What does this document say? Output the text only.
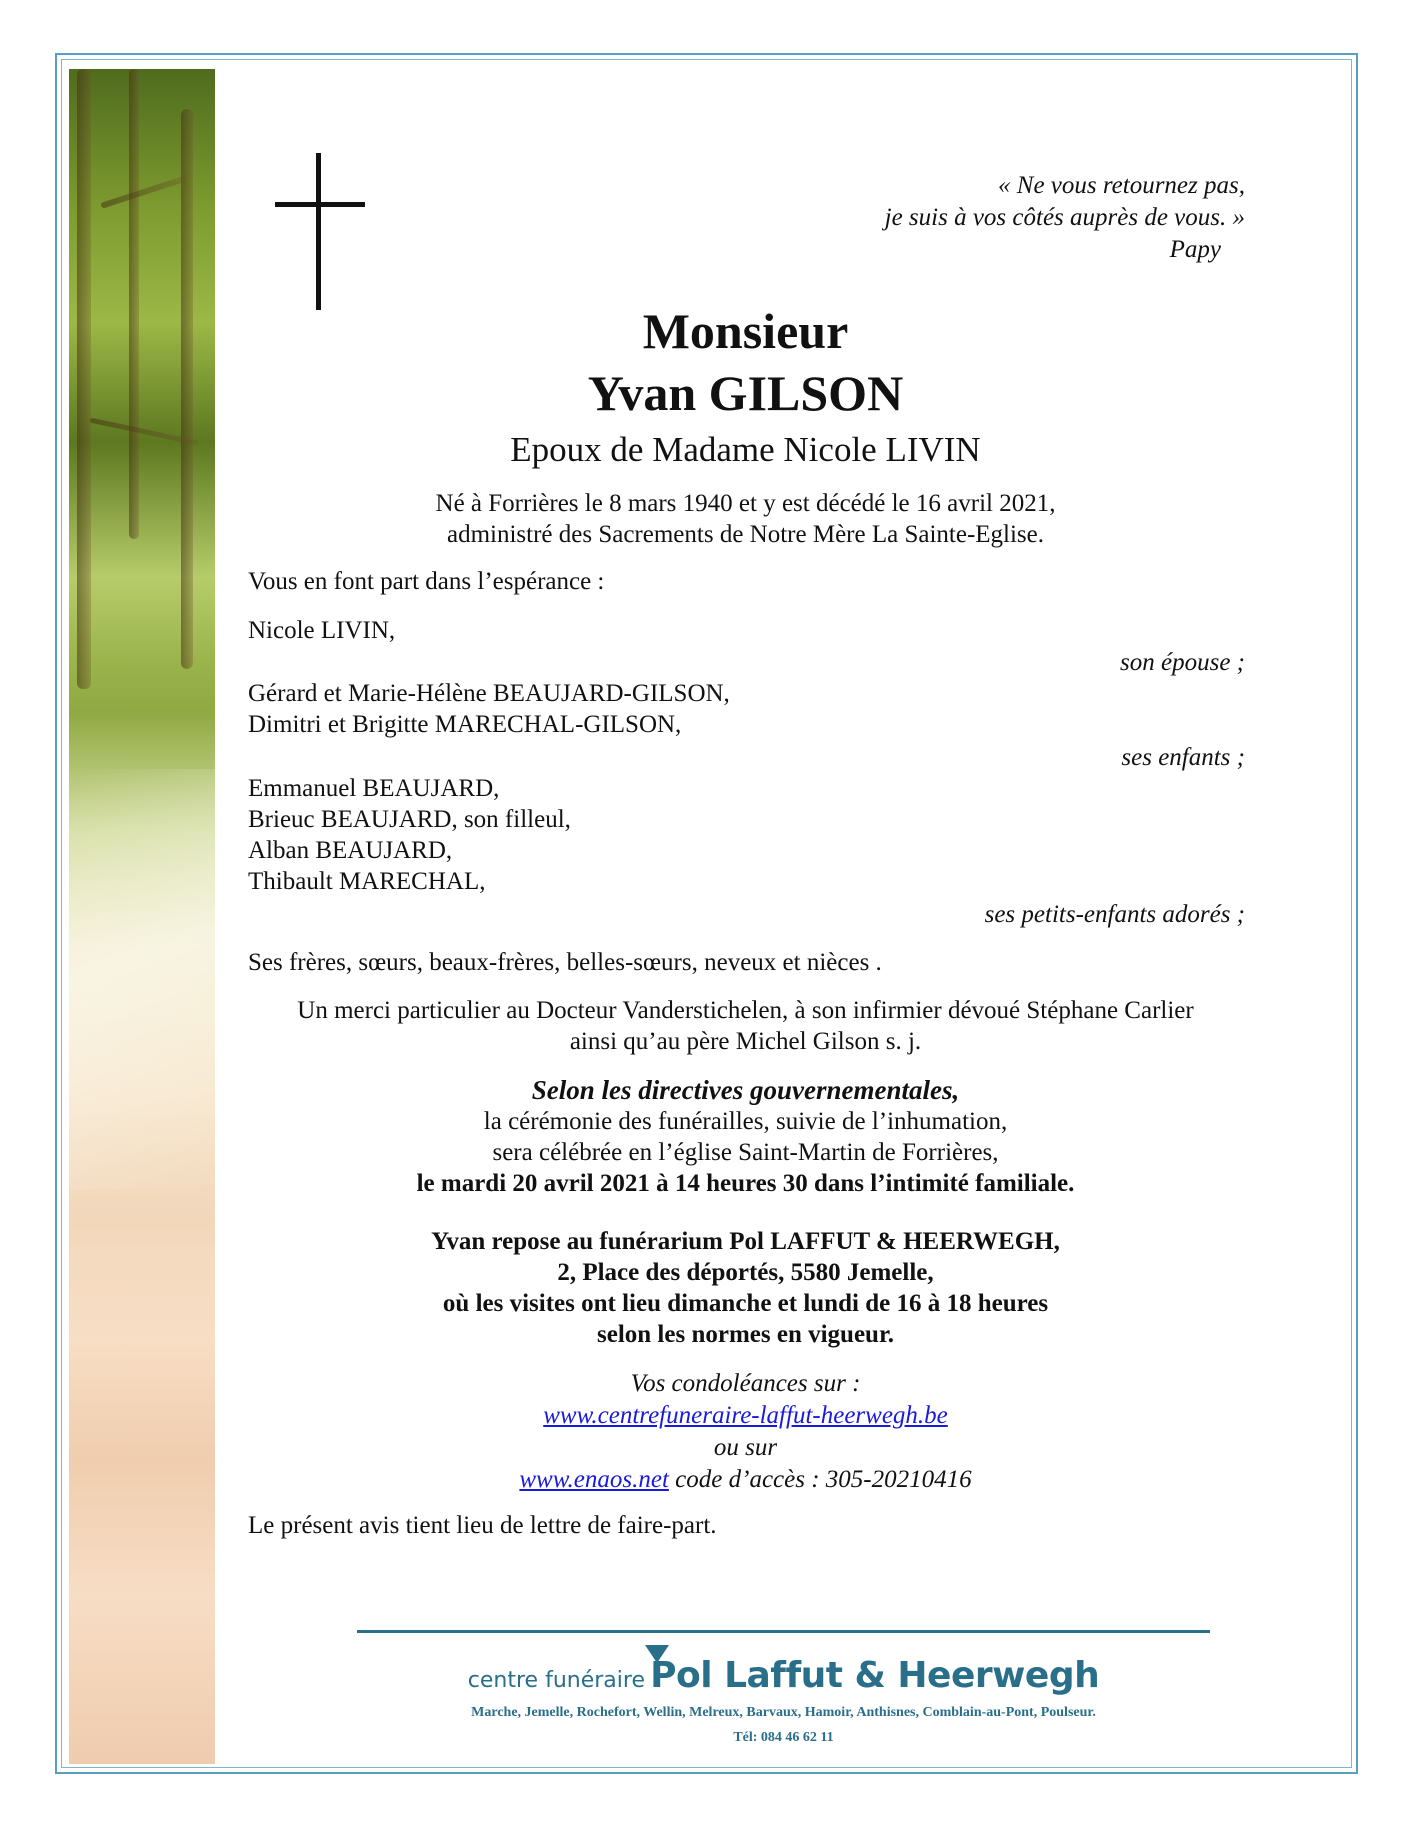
« Ne vous retournez pas,
je suis à vos côtés auprès de vous. »
Papy
Monsieur
Yvan GILSON
Epoux de Madame Nicole LIVIN
Né à Forrières le 8 mars 1940 et y est décédé le 16 avril 2021,
administré des Sacrements de Notre Mère La Sainte-Eglise.
Vous en font part dans l’espérance :
Nicole LIVIN,
son épouse ;
Gérard et Marie-Hélène BEAUJARD-GILSON,
Dimitri et Brigitte MARECHAL-GILSON,
ses enfants ;
Emmanuel BEAUJARD,
Brieuc BEAUJARD, son filleul,
Alban BEAUJARD,
Thibault MARECHAL,
ses petits-enfants adorés ;
Ses frères, sœurs, beaux-frères, belles-sœurs, neveux et nièces .
Un merci particulier au Docteur Vanderstichelen, à son infirmier dévoué Stéphane Carlier
ainsi qu’au père Michel Gilson s. j.
Selon les directives gouvernementales,
la cérémonie des funérailles, suivie de l’inhumation,
sera célébrée en l’église Saint-Martin de Forrières,
le mardi 20 avril 2021 à 14 heures 30 dans l’intimité familiale.
Yvan repose au funérarium Pol LAFFUT & HEERWEGH,
2, Place des déportés, 5580 Jemelle,
où les visites ont lieu dimanche et lundi de 16 à 18 heures
selon les normes en vigueur.
Vos condoléances sur :
www.centrefuneraire-laffut-heerwegh.be
ou sur
www.enaos.net code d’accès : 305-20210416
Le présent avis tient lieu de lettre de faire-part.
centre funéraire Pol Laffut & Heerwegh
Marche, Jemelle, Rochefort, Wellin, Melreux, Barvaux, Hamoir, Anthisnes, Comblain-au-Pont, Poulseur.
Tél: 084 46 62 11
